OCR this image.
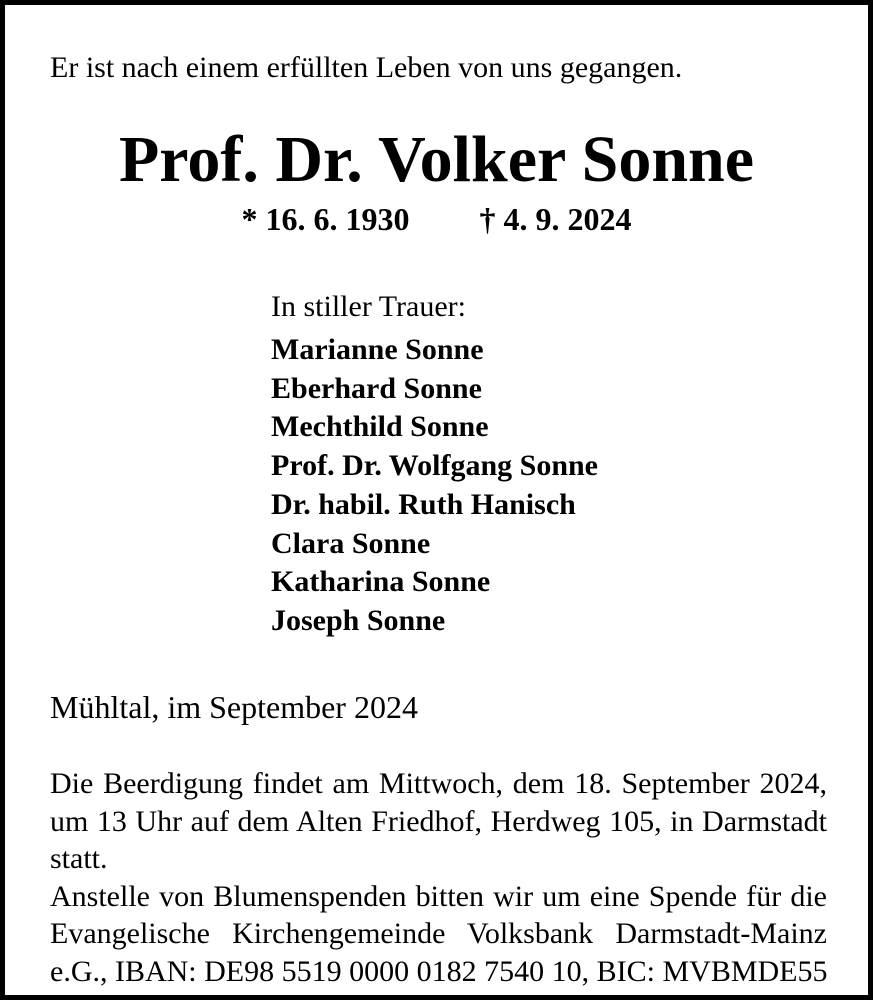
Er ist nach einem erfüllten Leben von uns gegangen.
Prof. Dr. Volker Sonne
* 16. 6. 1930 † 4. 9. 2024
In stiller Trauer:
Marianne Sonne
Eberhard Sonne
Mechthild Sonne
Prof. Dr. Wolfgang Sonne
Dr. habil. Ruth Hanisch
Clara Sonne
Katharina Sonne
Joseph Sonne
Mühltal, im September 2024
Die Beerdigung findet am Mittwoch, dem 18. September 2024,
um 13 Uhr auf dem Alten Friedhof, Herdweg 105, in Darmstadt
statt.
Anstelle von Blumenspenden bitten wir um eine Spende für die
Evangelische Kirchengemeinde Volksbank Darmstadt-Mainz
e.G., IBAN: DE98 5519 0000 0182 7540 10, BIC: MVBMDE55
